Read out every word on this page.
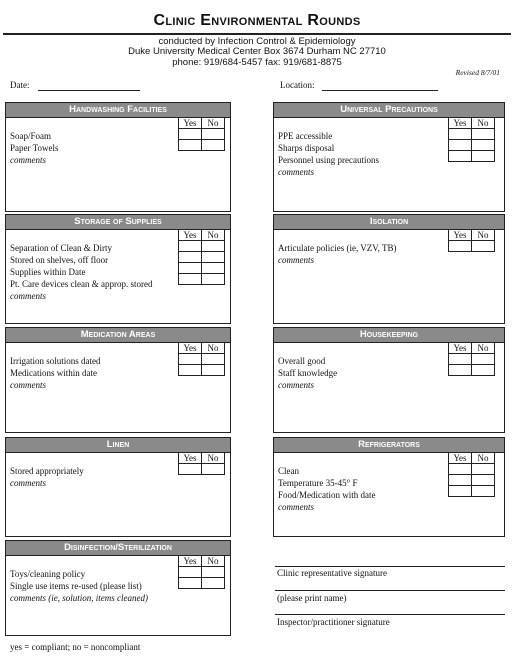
Clinic Environmental Rounds
conducted by Infection Control & Epidemiology
Duke University Medical Center Box 3674 Durham NC 27710
phone: 919/684-5457 fax: 919/681-8875
Revised 8/7/01
Date:	Location:
Handwashing Facilities
Yes	No

Soap/Foam
Paper Towels
comments
Universal Precautions
Yes	No

PPE accessible
Sharps disposal
Personnel using precautions
comments
Storage of Supplies
Yes	No

Separation of Clean & Dirty
Stored on shelves, off floor
Supplies within Date
Pt. Care devices clean & approp. stored
comments
Isolation
Yes	No

Articulate policies (ie, VZV, TB)
comments
Medication Areas
Yes	No

Irrigation solutions dated
Medications within date
comments
Housekeeping
Yes	No

Overall good
Staff knowledge
comments
Linen
Yes	No

Stored appropriately
comments
Refrigerators
Yes	No

Clean
Temperature 35-45° F
Food/Medication with date
comments
Disinfection/Sterilization
Yes	No

Toys/cleaning policy
Single use items re-used (please list)
comments (ie, solution, items cleaned)
Clinic representative signature
(please print name)
Inspector/practitioner signature
yes = compliant; no = noncompliant
